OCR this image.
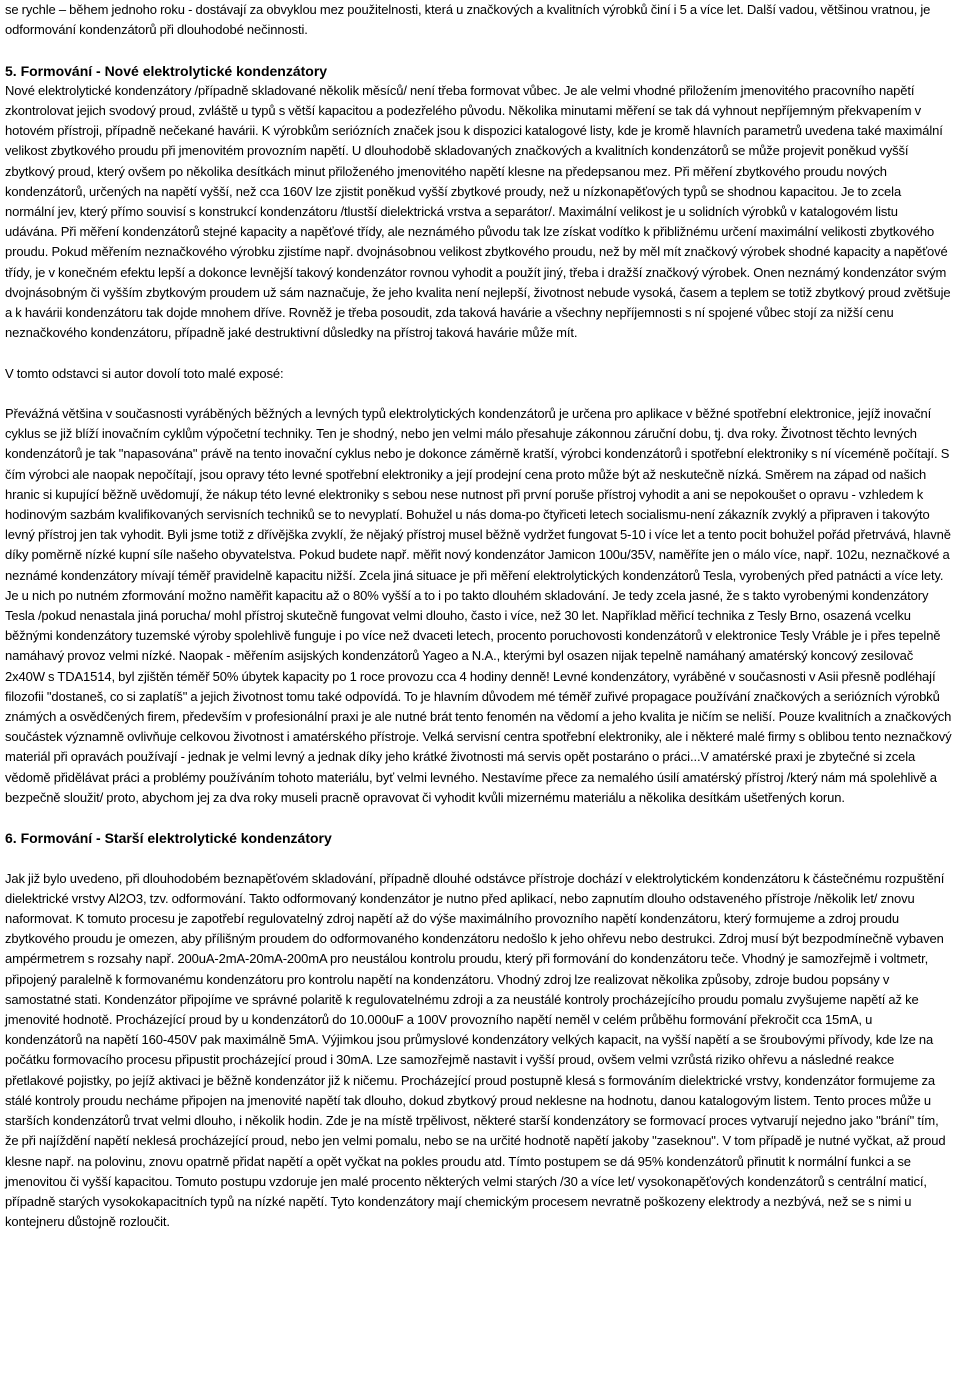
se rychle – během jednoho roku - dostávají za obvyklou mez použitelnosti, která u značkových a kvalitních výrobků činí i 5 a více let. Další vadou, většinou vratnou, je odformování kondenzátorů při dlouhodobé nečinnosti.

5. Formování - Nové elektrolytické kondenzátory

Nové elektrolytické kondenzátory /případně skladované několik měsíců/ není třeba formovat vůbec. Je ale velmi vhodné přiložením jmenovitého pracovního napětí zkontrolovat jejich svodový proud, zvláště u typů s větší kapacitou a podezřelého původu. Několika minutami měření se tak dá vyhnout nepříjemným překvapením v hotovém přístroji, případně nečekané havárii. K výrobkům seriózních značek jsou k dispozici katalogové listy, kde je kromě hlavních parametrů uvedena také maximální velikost zbytkového proudu při jmenovitém provozním napětí. U dlouhodobě skladovaných značkových a kvalitních kondenzátorů se může projevit poněkud vyšší zbytkový proud, který ovšem po několika desítkách minut přiloženého jmenovitého napětí klesne na předepsanou mez. Při měření zbytkového proudu nových kondenzátorů, určených na napětí vyšší, než cca 160V lze zjistit poněkud vyšší zbytkové proudy, než u nízkonapěťových typů se shodnou kapacitou. Je to zcela normální jev, který přímo souvisí s konstrukcí kondenzátoru /tlustší dielektrická vrstva a separátor/. Maximální velikost je u solidních výrobků v katalogovém listu udávána. Při měření kondenzátorů stejné kapacity a napěťové třídy, ale neznámého původu tak lze získat vodítko k přibližnému určení maximální velikosti zbytkového proudu. Pokud měřením neznačkového výrobku zjistíme např. dvojnásobnou velikost zbytkového proudu, než by měl mít značkový výrobek shodné kapacity a napěťové třídy, je v konečném efektu lepší a dokonce levnější takový kondenzátor rovnou vyhodit a použít jiný, třeba i dražší značkový výrobek. Onen neznámý kondenzátor svým dvojnásobným či vyšším zbytkovým proudem už sám naznačuje, že jeho kvalita není nejlepší, životnost nebude vysoká, časem a teplem se totiž zbytkový proud zvětšuje a k havárii kondenzátoru tak dojde mnohem dříve. Rovněž je třeba posoudit, zda taková havárie a všechny nepříjemnosti s ní spojené vůbec stojí za nižší cenu neznačkového kondenzátoru, případně jaké destruktivní důsledky na přístroj taková havárie může mít.

V tomto odstavci si autor dovolí toto malé exposé:

Převážná většina v současnosti vyráběných běžných a levných typů elektrolytických kondenzátorů je určena pro aplikace v běžné spotřební elektronice, jejíž inovační cyklus se již blíží inovačním cyklům výpočetní techniky. Ten je shodný, nebo jen velmi málo přesahuje zákonnou záruční dobu, tj. dva roky. Životnost těchto levných kondenzátorů je tak "napasována" právě na tento inovační cyklus nebo je dokonce záměrně kratší, výrobci kondenzátorů i spotřební elektroniky s ní víceméně počítají. S čím výrobci ale naopak nepočítají, jsou opravy této levné spotřební elektroniky a její prodejní cena proto může být až neskutečně nízká. Směrem na západ od našich hranic si kupující běžně uvědomují, že nákup této levné elektroniky s sebou nese nutnost při první poruše přístroj vyhodit a ani se nepokoušet o opravu - vzhledem k hodinovým sazbám kvalifikovaných servisních techniků se to nevyplatí. Bohužel u nás doma-po čtyřiceti letech socialismu-není zákazník zvyklý a připraven i takovýto levný přístroj jen tak vyhodit. Byli jsme totiž z dřívějška zvyklí, že nějaký přístroj musel běžně vydržet fungovat 5-10 i více let a tento pocit bohužel pořád přetrvává, hlavně díky poměrně nízké kupní síle našeho obyvatelstva. Pokud budete např. měřit nový kondenzátor Jamicon 100u/35V, naměříte jen o málo více, např. 102u, neznačkové a neznámé kondenzátory mívají téměř pravidelně kapacitu nižší. Zcela jiná situace je při měření elektrolytických kondenzátorů Tesla, vyrobených před patnácti a více lety. Je u nich po nutném zformování možno naměřit kapacitu až o 80% vyšší a to i po takto dlouhém skladování. Je tedy zcela jasné, že s takto vyrobenými kondenzátory Tesla /pokud nenastala jiná porucha/ mohl přístroj skutečně fungovat velmi dlouho, často i více, než 30 let. Například měřicí technika z Tesly Brno, osazená vcelku běžnými kondenzátory tuzemské výroby spolehlivě funguje i po více než dvaceti letech, procento poruchovosti kondenzátorů v elektronice Tesly Vráble je i přes tepelně namáhavý provoz velmi nízké. Naopak - měřením asijských kondenzátorů Yageo a N.A., kterými byl osazen nijak tepelně namáhaný amatérský koncový zesilovač 2x40W s TDA1514, byl zjištěn téměř 50% úbytek kapacity po 1 roce provozu cca 4 hodiny denně! Levné kondenzátory, vyráběné v současnosti v Asii přesně podléhají filozofii "dostaneš, co si zaplatíš" a jejich životnost tomu také odpovídá. To je hlavním důvodem mé téměř zuřivé propagace používání značkových a seriózních výrobků známých a osvědčených firem, především v profesionální praxi je ale nutné brát tento fenomén na vědomí a jeho kvalita je ničím se neliší. Pouze kvalitních a značkových součástek významně ovlivňuje celkovou životnost i amatérského přístroje. Velká servisní centra spotřební elektroniky, ale i některé malé firmy s oblibou tento neznačkový materiál při opravách používají - jednak je velmi levný a jednak díky jeho krátké životnosti má servis opět postaráno o práci...V amatérské praxi je zbytečné si zcela vědomě přidělávat práci a problémy používáním tohoto materiálu, byť velmi levného. Nestavíme přece za nemalého úsilí amatérský přístroj /který nám má spolehlivě a bezpečně sloužit/ proto, abychom jej za dva roky museli pracně opravovat či vyhodit kvůli mizernému materiálu a několika desítkám ušetřených korun.

6. Formování - Starší elektrolytické kondenzátory

Jak již bylo uvedeno, při dlouhodobém beznapěťovém skladování, případně dlouhé odstávce přístroje dochází v elektrolytickém kondenzátoru k částečnému rozpuštění dielektrické vrstvy Al2O3, tzv. odformování. Takto odformovaný kondenzátor je nutno před aplikací, nebo zapnutím dlouho odstaveného přístroje /několik let/ znovu naformovat. K tomuto procesu je zapotřebí regulovatelný zdroj napětí až do výše maximálního provozního napětí kondenzátoru, který formujeme a zdroj proudu zbytkového proudu je omezen, aby přílišným proudem do odformovaného kondenzátoru nedošlo k jeho ohřevu nebo destrukci. Zdroj musí být bezpodmínečně vybaven ampérmetrem s rozsahy např. 200uA-2mA-20mA-200mA pro neustálou kontrolu proudu, který při formování do kondenzátoru teče. Vhodný je samozřejmě i voltmetr, připojený paralelně k formovanému kondenzátoru pro kontrolu napětí na kondenzátoru. Vhodný zdroj lze realizovat několika způsoby, zdroje budou popsány v samostatné stati. Kondenzátor připojíme ve správné polaritě k regulovatelnému zdroji a za neustálé kontroly procházejícího proudu pomalu zvyšujeme napětí až ke jmenovité hodnotě. Procházející proud by u kondenzátorů do 10.000uF a 100V provozního napětí neměl v celém průběhu formování překročit cca 15mA, u kondenzátorů na napětí 160-450V pak maximálně 5mA. Výjimkou jsou průmyslové kondenzátory velkých kapacit, na vyšší napětí a se šroubovými přívody, kde lze na počátku formovacího procesu připustit procházející proud i 30mA. Lze samozřejmě nastavit i vyšší proud, ovšem velmi vzrůstá riziko ohřevu a následné reakce přetlakové pojistky, po jejíž aktivaci je běžně kondenzátor již k ničemu. Procházející proud postupně klesá s formováním dielektrické vrstvy, kondenzátor formujeme za stálé kontroly proudu necháme připojen na jmenovité napětí tak dlouho, dokud zbytkový proud neklesne na hodnotu, danou katalogovým listem. Tento proces může u starších kondenzátorů trvat velmi dlouho, i několik hodin. Zde je na místě trpělivost, některé starší kondenzátory se formovací proces vytvarují nejedno jako "brání" tím, že při najíždění napětí neklesá procházející proud, nebo jen velmi pomalu, nebo se na určité hodnotě napětí jakoby "zaseknou". V tom případě je nutné vyčkat, až proud klesne např. na polovinu, znovu opatrně přidat napětí a opět vyčkat na pokles proudu atd. Tímto postupem se dá 95% kondenzátorů přinutit k normální funkci a se jmenovitou či vyšší kapacitou. Tomuto postupu vzdoruje jen malé procento některých velmi starých /30 a více let/ vysokonapěťových kondenzátorů s centrální maticí, případně starých vysokokapacitních typů na nízké napětí. Tyto kondenzátory mají chemickým procesem nevratně poškozeny elektrody a nezbývá, než se s nimi u kontejneru důstojně rozloučit.
